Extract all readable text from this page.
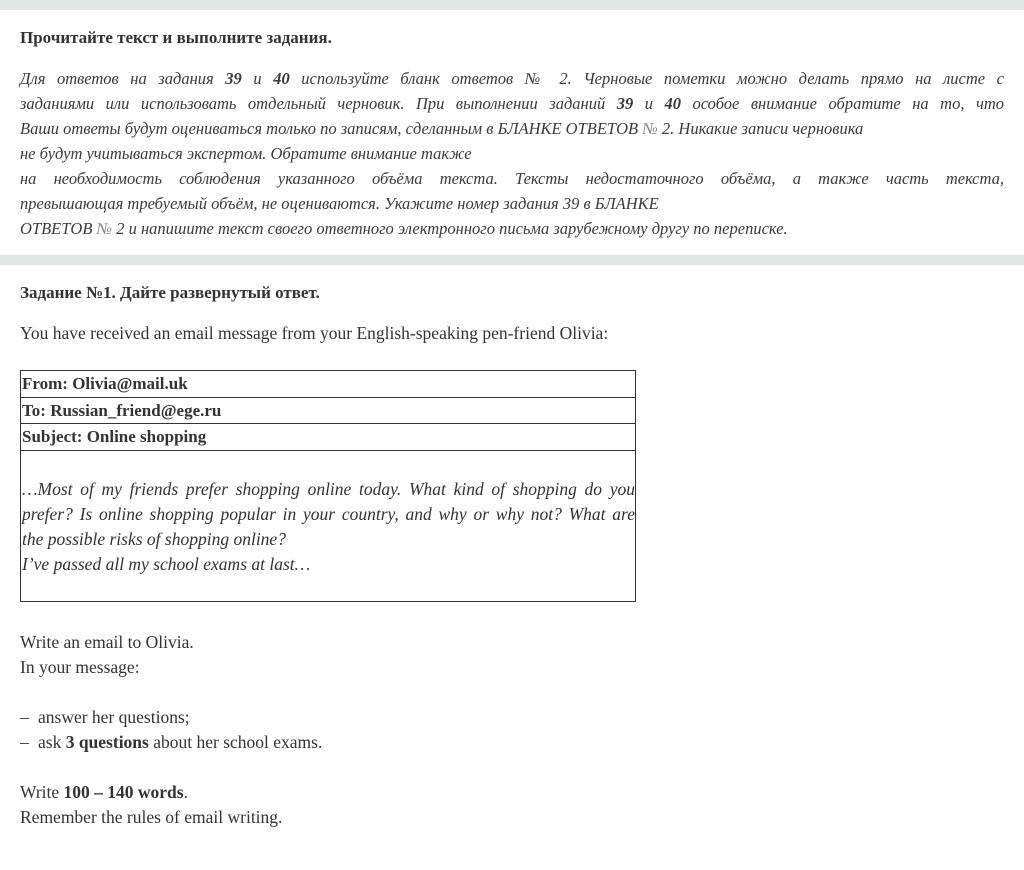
Прочитайте текст и выполните задания.

Для ответов на задания 39 и 40 используйте бланк ответов № 2. Черновые пометки можно делать прямо на листе с
заданиями или использовать отдельный черновик. При выполнении заданий 39 и 40 особое внимание обратите на то, что
Ваши ответы будут оцениваться только по записям, сделанным в БЛАНКЕ ОТВЕТОВ № 2. Никакие записи черновика
не будут учитываться экспертом. Обратите внимание также
на необходимость соблюдения указанного объёма текста. Тексты недостаточного объёма, а также часть текста,
превышающая требуемый объём, не оцениваются. Укажите номер задания 39 в БЛАНКЕ
ОТВЕТОВ № 2 и напишите текст своего ответного электронного письма зарубежному другу по переписке.

Задание №1. Дайте развернутый ответ.

You have received an email message from your English-speaking pen-friend Olivia:
From: Olivia@mail.uk
To: Russian_friend@ege.ru
Subject: Online shopping
…Most of my friends prefer shopping online today. What kind of shopping do you
prefer? Is online shopping popular in your country, and why or why not? What are
the possible risks of shopping online?
I’ve passed all my school exams at last…
Write an email to Olivia.
In your message:
– answer her questions;
– ask 3 questions about her school exams.
Write 100 – 140 words.
Remember the rules of email writing.
